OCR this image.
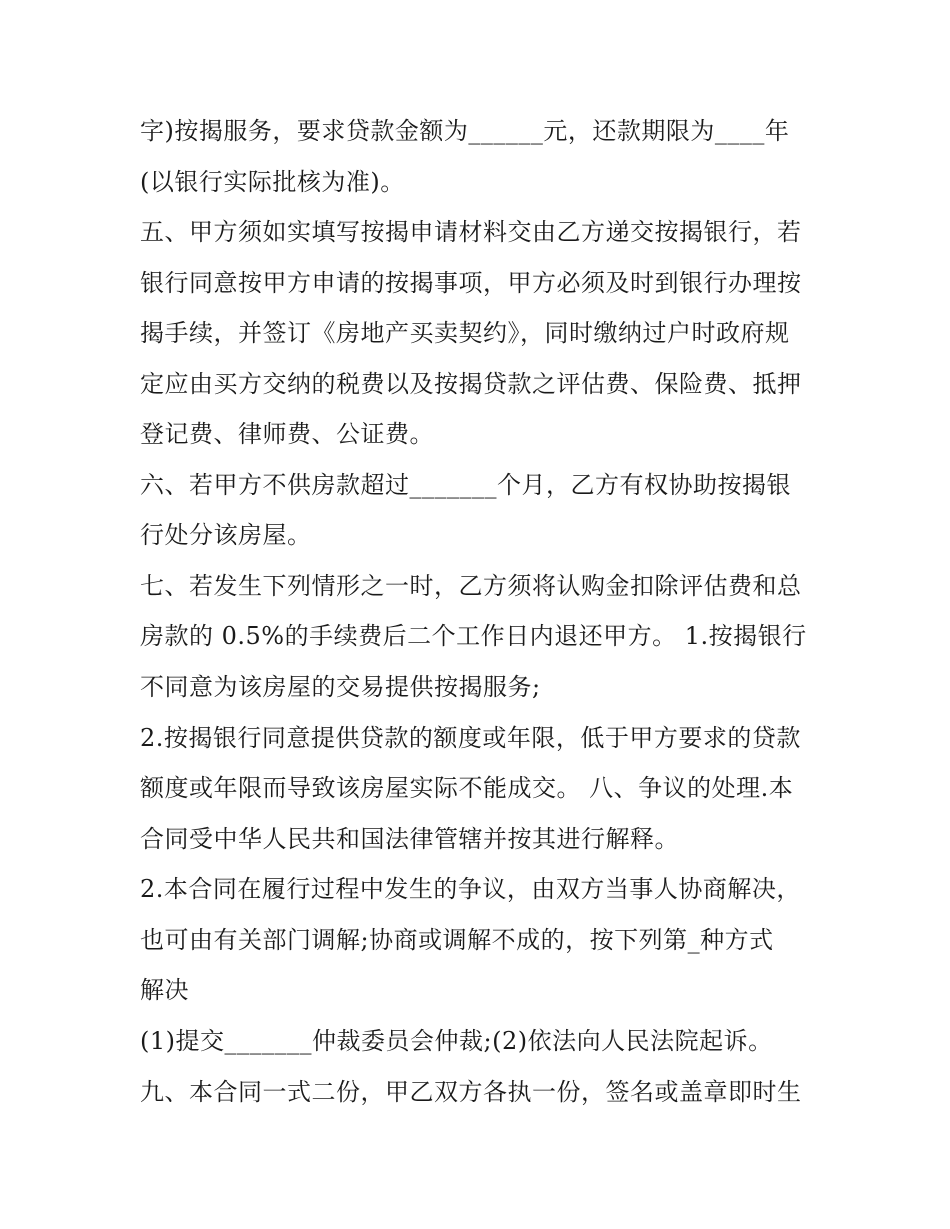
字)按揭服务，要求贷款金额为______元，还款期限为____年
(以银行实际批核为准)。
五、甲方须如实填写按揭申请材料交由乙方递交按揭银行，若
银行同意按甲方申请的按揭事项，甲方必须及时到银行办理按
揭手续，并签订《房地产买卖契约》，同时缴纳过户时政府规
定应由买方交纳的税费以及按揭贷款之评估费、保险费、抵押
登记费、律师费、公证费。
六、若甲方不供房款超过_______个月，乙方有权协助按揭银
行处分该房屋。
七、若发生下列情形之一时，乙方须将认购金扣除评估费和总
房款的 0.5%的手续费后二个工作日内退还甲方。 1.按揭银行
不同意为该房屋的交易提供按揭服务;
2.按揭银行同意提供贷款的额度或年限，低于甲方要求的贷款
额度或年限而导致该房屋实际不能成交。 八、争议的处理.本
合同受中华人民共和国法律管辖并按其进行解释。
2.本合同在履行过程中发生的争议，由双方当事人协商解决，
也可由有关部门调解;协商或调解不成的，按下列第_种方式
解决
(1)提交_______仲裁委员会仲裁;(2)依法向人民法院起诉。
九、本合同一式二份，甲乙双方各执一份，签名或盖章即时生
